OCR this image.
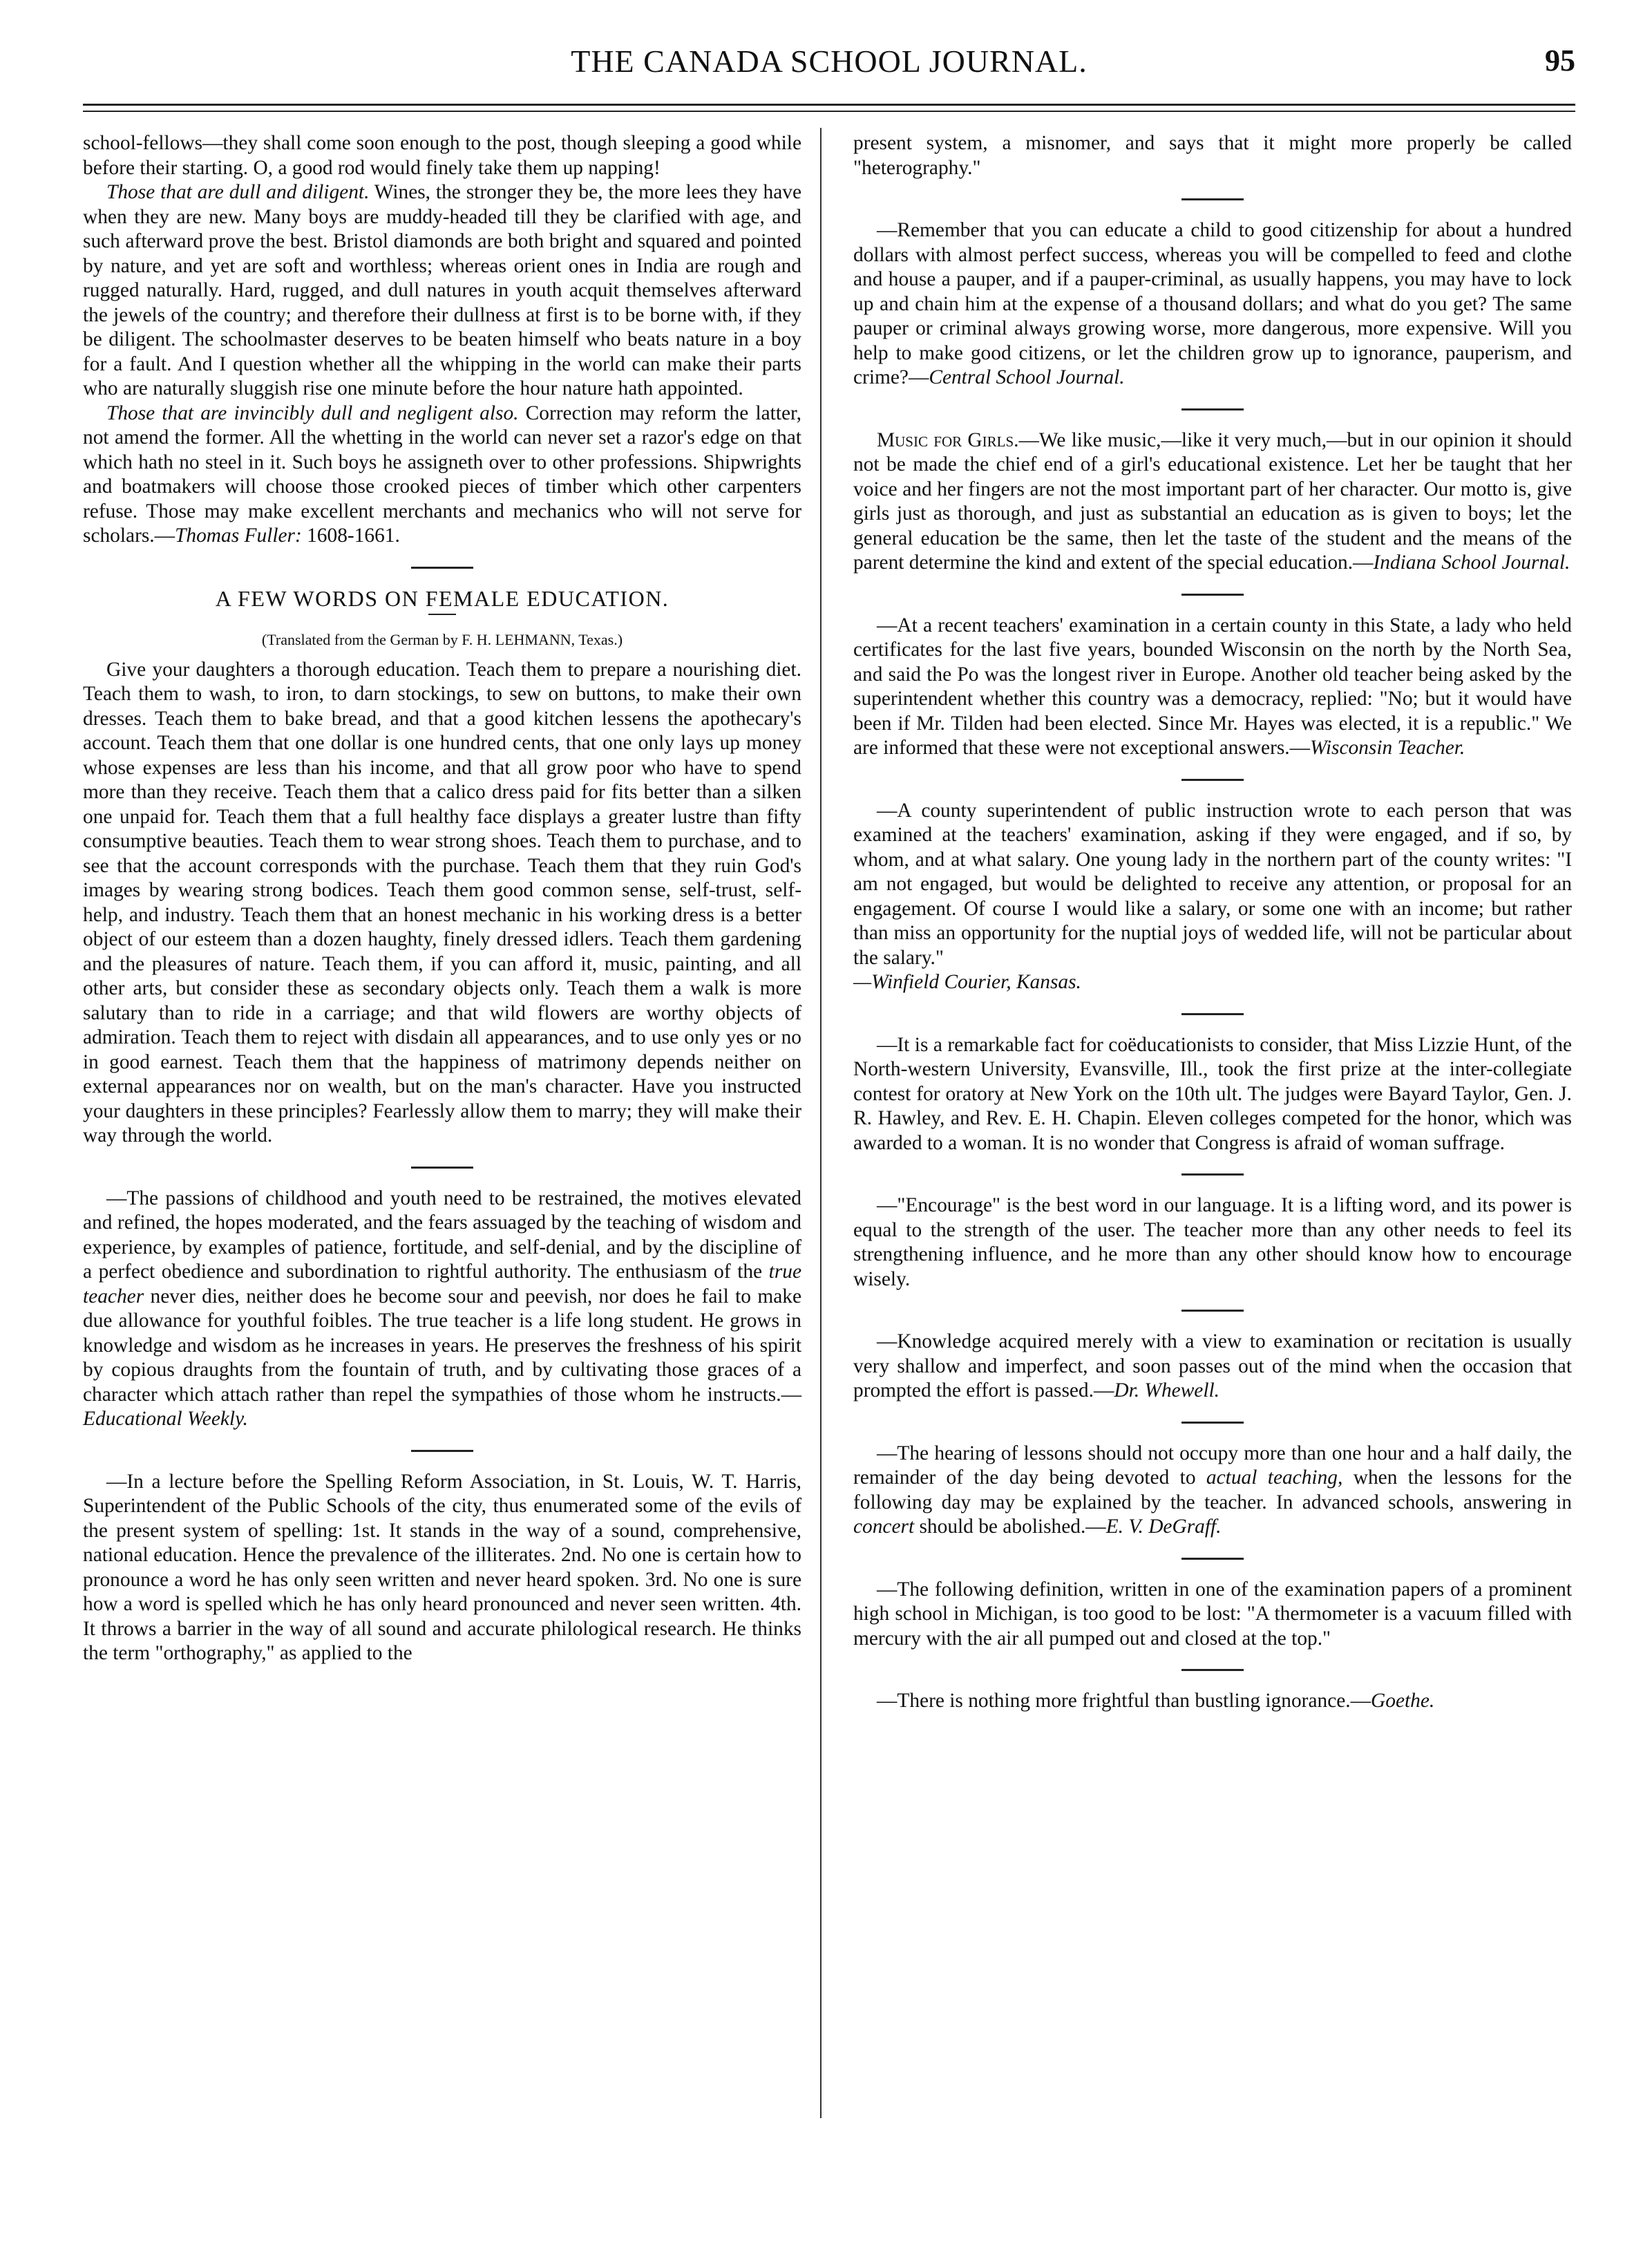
THE CANADA SCHOOL JOURNAL.	95

school-fellows—they shall come soon enough to the post, though sleeping a good while before their starting. O, a good rod would finely take them up napping!

Those that are dull and diligent. Wines, the stronger they be, the more lees they have when they are new. Many boys are muddy-headed till they be clarified with age, and such afterward prove the best. Bristol diamonds are both bright and squared and pointed by nature, and yet are soft and worthless; whereas orient ones in India are rough and rugged naturally. Hard, rugged, and dull natures in youth acquit themselves afterward the jewels of the country; and therefore their dullness at first is to be borne with, if they be diligent. The schoolmaster deserves to be beaten himself who beats nature in a boy for a fault. And I question whether all the whipping in the world can make their parts who are naturally sluggish rise one minute before the hour nature hath appointed.

Those that are invincibly dull and negligent also. Correction may reform the latter, not amend the former. All the whetting in the world can never set a razor's edge on that which hath no steel in it. Such boys he assigneth over to other professions. Shipwrights and boatmakers will choose those crooked pieces of timber which other carpenters refuse. Those may make excellent merchants and mechanics who will not serve for scholars.—Thomas Fuller: 1608-1661.

A FEW WORDS ON FEMALE EDUCATION.
(Translated from the German by F. H. LEHMANN, Texas.)

Give your daughters a thorough education. Teach them to prepare a nourishing diet. Teach them to wash, to iron, to darn stockings, to sew on buttons, to make their own dresses. Teach them to bake bread, and that a good kitchen lessens the apothecary's account. Teach them that one dollar is one hundred cents, that one only lays up money whose expenses are less than his income, and that all grow poor who have to spend more than they receive. Teach them that a calico dress paid for fits better than a silken one unpaid for. Teach them that a full healthy face displays a greater lustre than fifty consumptive beauties. Teach them to wear strong shoes. Teach them to purchase, and to see that the account corresponds with the purchase. Teach them that they ruin God's images by wearing strong bodices. Teach them good common sense, self-trust, self-help, and industry. Teach them that an honest mechanic in his working dress is a better object of our esteem than a dozen haughty, finely dressed idlers. Teach them gardening and the pleasures of nature. Teach them, if you can afford it, music, painting, and all other arts, but consider these as secondary objects only. Teach them a walk is more salutary than to ride in a carriage; and that wild flowers are worthy objects of admiration. Teach them to reject with disdain all appearances, and to use only yes or no in good earnest. Teach them that the happiness of matrimony depends neither on external appearances nor on wealth, but on the man's character. Have you instructed your daughters in these principles? Fearlessly allow them to marry; they will make their way through the world.

—The passions of childhood and youth need to be restrained, the motives elevated and refined, the hopes moderated, and the fears assuaged by the teaching of wisdom and experience, by examples of patience, fortitude, and self-denial, and by the discipline of a perfect obedience and subordination to rightful authority. The enthusiasm of the true teacher never dies, neither does he become sour and peevish, nor does he fail to make due allowance for youthful foibles. The true teacher is a life long student. He grows in knowledge and wisdom as he increases in years. He preserves the freshness of his spirit by copious draughts from the fountain of truth, and by cultivating those graces of a character which attach rather than repel the sympathies of those whom he instructs.—Educational Weekly.

—In a lecture before the Spelling Reform Association, in St. Louis, W. T. Harris, Superintendent of the Public Schools of the city, thus enumerated some of the evils of the present system of spelling: 1st. It stands in the way of a sound, comprehensive, national education. Hence the prevalence of the illiterates. 2nd. No one is certain how to pronounce a word he has only seen written and never heard spoken. 3rd. No one is sure how a word is spelled which he has only heard pronounced and never seen written. 4th. It throws a barrier in the way of all sound and accurate philological research. He thinks the term "orthography," as applied to the

present system, a misnomer, and says that it might more properly be called "heterography."

—Remember that you can educate a child to good citizenship for about a hundred dollars with almost perfect success, whereas you will be compelled to feed and clothe and house a pauper, and if a pauper-criminal, as usually happens, you may have to lock up and chain him at the expense of a thousand dollars; and what do you get? The same pauper or criminal always growing worse, more dangerous, more expensive. Will you help to make good citizens, or let the children grow up to ignorance, pauperism, and crime?—Central School Journal.

Music for Girls.—We like music,—like it very much,—but in our opinion it should not be made the chief end of a girl's educational existence. Let her be taught that her voice and her fingers are not the most important part of her character. Our motto is, give girls just as thorough, and just as substantial an education as is given to boys; let the general education be the same, then let the taste of the student and the means of the parent determine the kind and extent of the special education.—Indiana School Journal.

—At a recent teachers' examination in a certain county in this State, a lady who held certificates for the last five years, bounded Wisconsin on the north by the North Sea, and said the Po was the longest river in Europe. Another old teacher being asked by the superintendent whether this country was a democracy, replied: "No; but it would have been if Mr. Tilden had been elected. Since Mr. Hayes was elected, it is a republic." We are informed that these were not exceptional answers.—Wisconsin Teacher.

—A county superintendent of public instruction wrote to each person that was examined at the teachers' examination, asking if they were engaged, and if so, by whom, and at what salary. One young lady in the northern part of the county writes: "I am not engaged, but would be delighted to receive any attention, or proposal for an engagement. Of course I would like a salary, or some one with an income; but rather than miss an opportunity for the nuptial joys of wedded life, will not be particular about the salary."

—Winfield Courier, Kansas.

—It is a remarkable fact for coëducationists to consider, that Miss Lizzie Hunt, of the North-western University, Evansville, Ill., took the first prize at the inter-collegiate contest for oratory at New York on the 10th ult. The judges were Bayard Taylor, Gen. J. R. Hawley, and Rev. E. H. Chapin. Eleven colleges competed for the honor, which was awarded to a woman. It is no wonder that Congress is afraid of woman suffrage.

—"Encourage" is the best word in our language. It is a lifting word, and its power is equal to the strength of the user. The teacher more than any other needs to feel its strengthening influence, and he more than any other should know how to encourage wisely.

—Knowledge acquired merely with a view to examination or recitation is usually very shallow and imperfect, and soon passes out of the mind when the occasion that prompted the effort is passed.—Dr. Whewell.

—The hearing of lessons should not occupy more than one hour and a half daily, the remainder of the day being devoted to actual teaching, when the lessons for the following day may be explained by the teacher. In advanced schools, answering in concert should be abolished.—E. V. DeGraff.

—The following definition, written in one of the examination papers of a prominent high school in Michigan, is too good to be lost: "A thermometer is a vacuum filled with mercury with the air all pumped out and closed at the top."

—There is nothing more frightful than bustling ignorance.—Goethe.
